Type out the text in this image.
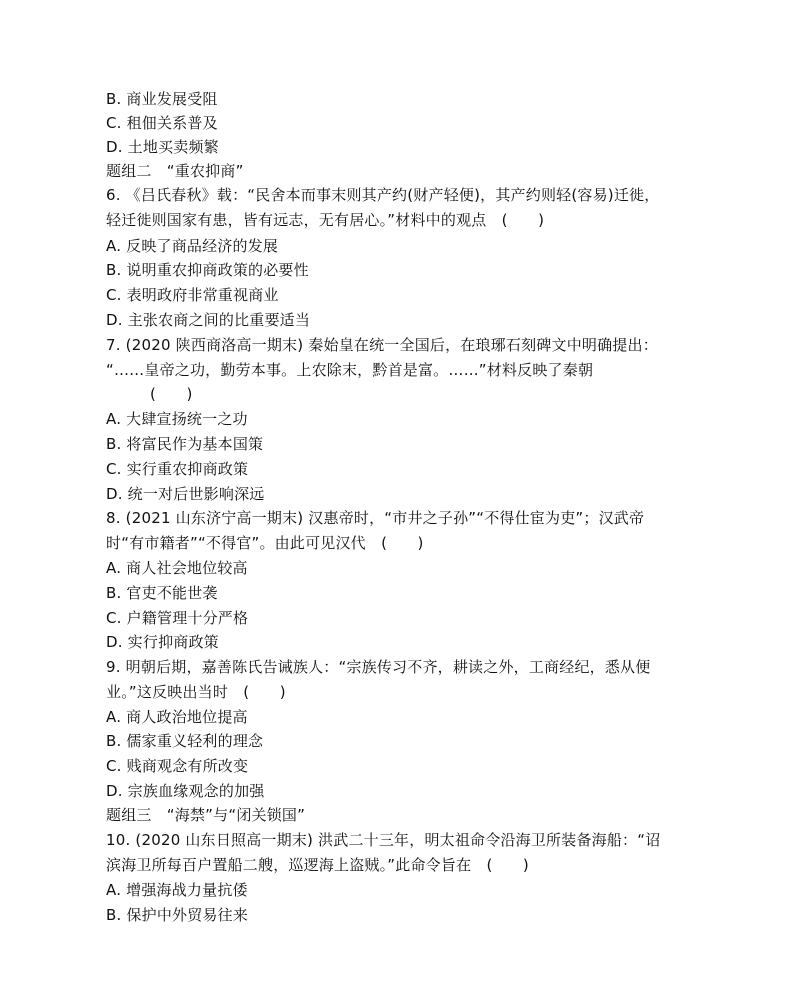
B. 商业发展受阻
C. 租佃关系普及
D. 土地买卖频繁
题组二　“重农抑商”
6. 《吕氏春秋》载：“民舍本而事末则其产约(财产轻便)，其产约则轻(容易)迁徙，
轻迁徙则国家有患，皆有远志，无有居心。”材料中的观点　(　　)
A. 反映了商品经济的发展
B. 说明重农抑商政策的必要性
C. 表明政府非常重视商业
D. 主张农商之间的比重要适当
7. (2020 陕西商洛高一期末) 秦始皇在统一全国后，在琅琊石刻碑文中明确提出：
“……皇帝之功，勤劳本事。上农除末，黔首是富。……”材料反映了秦朝
(　　)
A. 大肆宣扬统一之功
B. 将富民作为基本国策
C. 实行重农抑商政策
D. 统一对后世影响深远
8. (2021 山东济宁高一期末) 汉惠帝时，“市井之子孙”“不得仕宦为吏”；汉武帝
时“有市籍者”“不得官”。由此可见汉代　(　　)
A. 商人社会地位较高
B. 官吏不能世袭
C. 户籍管理十分严格
D. 实行抑商政策
9. 明朝后期，嘉善陈氏告诫族人：“宗族传习不齐，耕读之外，工商经纪，悉从便
业。”这反映出当时　(　　)
A. 商人政治地位提高
B. 儒家重义轻利的理念
C. 贱商观念有所改变
D. 宗族血缘观念的加强
题组三　“海禁”与“闭关锁国”
10. (2020 山东日照高一期末) 洪武二十三年，明太祖命令沿海卫所装备海船：“诏
滨海卫所每百户置船二艘，巡逻海上盗贼。”此命令旨在　(　　)
A. 增强海战力量抗倭
B. 保护中外贸易往来
